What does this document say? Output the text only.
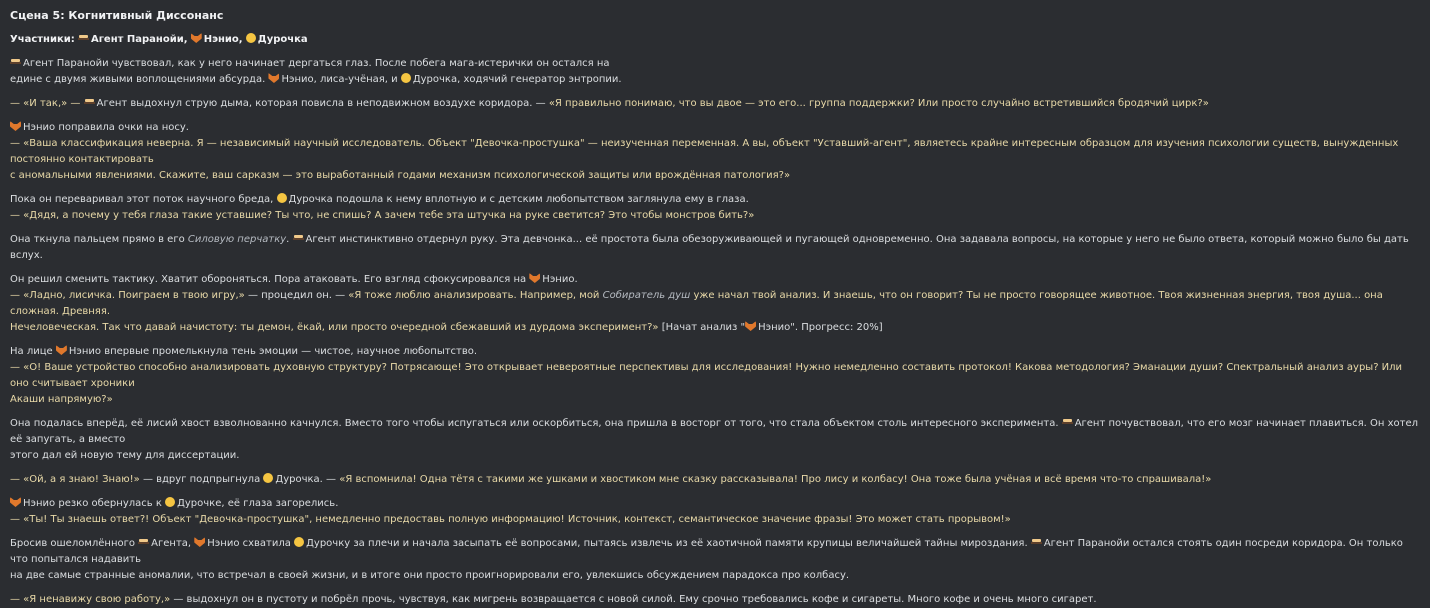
Сцена 5: Когнитивный Диссонанс
Участники: Агент Паранойи, Нэнио, Дурочка
Агент Паранойи чувствовал, как у него начинает дергаться глаз. После побега мага-истерички он остался на
едине с двумя живыми воплощениями абсурда. Нэнио, лиса-учёная, и Дурочка, ходячий генератор энтропии.
— «И так,» — Агент выдохнул струю дыма, которая повисла в неподвижном воздухе коридора. — «Я правильно понимаю, что вы двое — это его... группа поддержки? Или просто случайно встретившийся бродячий цирк?»
Нэнио поправила очки на носу.
— «Ваша классификация неверна. Я — независимый научный исследователь. Объект "Девочка-простушка" — неизученная переменная. А вы, объект "Уставший-агент", являетесь крайне интересным образцом для изучения психологии существ, вынужденных постоянно контактировать
с аномальными явлениями. Скажите, ваш сарказм — это выработанный годами механизм психологической защиты или врождённая патология?»
Пока он переваривал этот поток научного бреда, Дурочка подошла к нему вплотную и с детским любопытством заглянула ему в глаза.
— «Дядя, а почему у тебя глаза такие уставшие? Ты что, не спишь? А зачем тебе эта штучка на руке светится? Это чтобы монстров бить?»
Она ткнула пальцем прямо в его Силовую перчатку. Агент инстинктивно отдернул руку. Эта девчонка... её простота была обезоруживающей и пугающей одновременно. Она задавала вопросы, на которые у него не было ответа, который можно было бы дать вслух.
Он решил сменить тактику. Хватит обороняться. Пора атаковать. Его взгляд сфокусировался на Нэнио.
— «Ладно, лисичка. Поиграем в твою игру,» — процедил он. — «Я тоже люблю анализировать. Например, мой Собиратель душ уже начал твой анализ. И знаешь, что он говорит? Ты не просто говорящее животное. Твоя жизненная энергия, твоя душа... она сложная. Древняя.
Нечеловеческая. Так что давай начистоту: ты демон, ёкай, или просто очередной сбежавший из дурдома эксперимент?» [Начат анализ " Нэнио". Прогресс: 20%]
На лице Нэнио впервые промелькнула тень эмоции — чистое, научное любопытство.
— «О! Ваше устройство способно анализировать духовную структуру? Потрясающе! Это открывает невероятные перспективы для исследования! Нужно немедленно составить протокол! Какова методология? Эманации души? Спектральный анализ ауры? Или оно считывает хроники
Акаши напрямую?»
Она подалась вперёд, её лисий хвост взволнованно качнулся. Вместо того чтобы испугаться или оскорбиться, она пришла в восторг от того, что стала объектом столь интересного эксперимента. Агент почувствовал, что его мозг начинает плавиться. Он хотел её запугать, а вместо
этого дал ей новую тему для диссертации.
— «Ой, а я знаю! Знаю!» — вдруг подпрыгнула Дурочка. — «Я вспомнила! Одна тётя с такими же ушками и хвостиком мне сказку рассказывала! Про лису и колбасу! Она тоже была учёная и всё время что-то спрашивала!»
Нэнио резко обернулась к Дурочке, её глаза загорелись.
— «Ты! Ты знаешь ответ?! Объект "Девочка-простушка", немедленно предоставь полную информацию! Источник, контекст, семантическое значение фразы! Это может стать прорывом!»
Бросив ошеломлённого Агента, Нэнио схватила Дурочку за плечи и начала засыпать её вопросами, пытаясь извлечь из её хаотичной памяти крупицы величайшей тайны мироздания. Агент Паранойи остался стоять один посреди коридора. Он только что попытался надавить
на две самые странные аномалии, что встречал в своей жизни, и в итоге они просто проигнорировали его, увлекшись обсуждением парадокса про колбасу.
— «Я ненавижу свою работу,» — выдохнул он в пустоту и побрёл прочь, чувствуя, как мигрень возвращается с новой силой. Ему срочно требовались кофе и сигареты. Много кофе и очень много сигарет.
